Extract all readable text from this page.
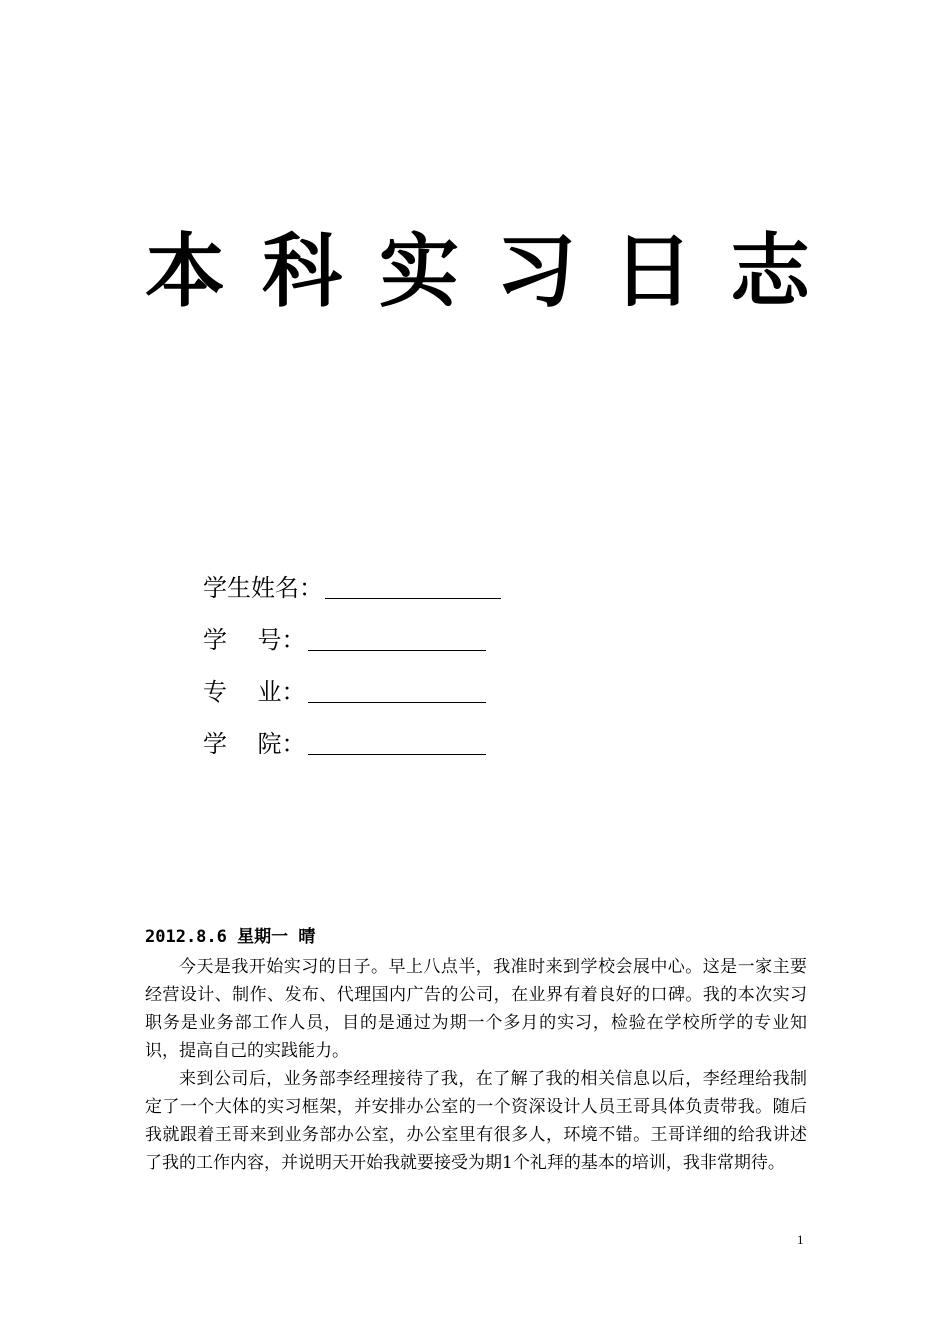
本 科 实 习 日 志
学生姓名：
学    号：
专    业：
学    院：

2012.8.6 星期一 晴

今天是我开始实习的日子。早上八点半，我准时来到学校会展中心。这是一家主要经营设计、制作、发布、代理国内广告的公司，在业界有着良好的口碑。我的本次实习职务是业务部工作人员，目的是通过为期一个多月的实习，检验在学校所学的专业知识，提高自己的实践能力。

来到公司后，业务部李经理接待了我，在了解了我的相关信息以后，李经理给我制定了一个大体的实习框架，并安排办公室的一个资深设计人员王哥具体负责带我。随后我就跟着王哥来到业务部办公室，办公室里有很多人，环境不错。王哥详细的给我讲述了我的工作内容，并说明天开始我就要接受为期1个礼拜的基本的培训，我非常期待。

1
